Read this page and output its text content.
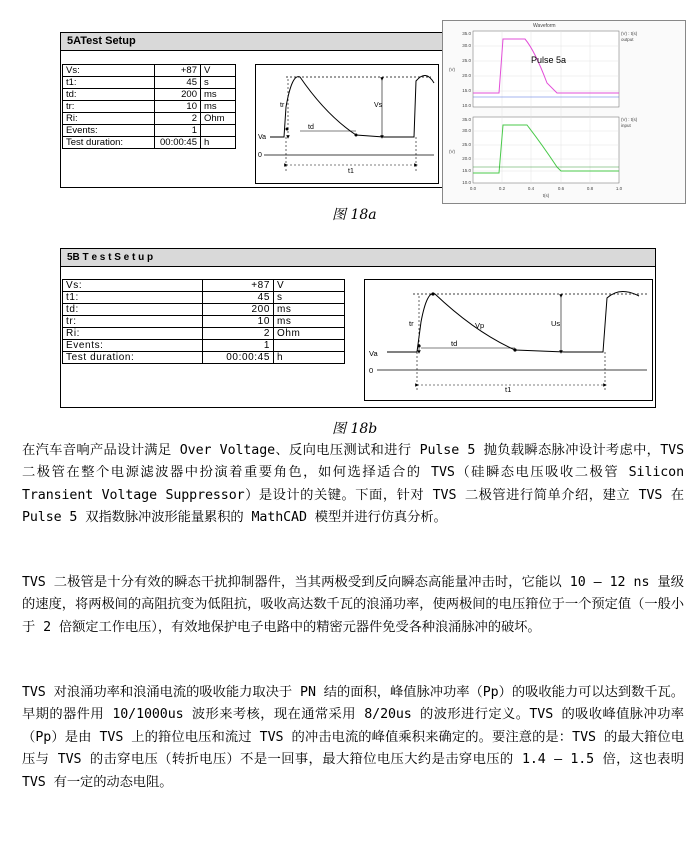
5ATest Setup
Vs:	+87	V
t1:	45	s
td:	200	ms
tr:	10	ms
Ri:	2	Ohm
Events:	1	
Test duration:	00:00:45	h
tr	Vs
td
Va
0
t1
Waveform
Pulse 5a
(V) : t(s)
output
(V) : t(s)
input
35.0
30.0
25.0
20.0
15.0
10.0
35.0
30.0
25.0
20.0
15.0
10.0
0.0	0.2	0.4	0.6	0.8	1.0
t(s)
(V)
(V)
图 18a
5B T e s t S e t u p
Vs:	+87	V
t1:	45	s
td:	200	ms
tr:	10	ms
Ri:	2	Ohm
Events:	1	
Test duration:	00:00:45	h
tr	Vp	Us
td
Va
0
t1
图 18b

在汽车音响产品设计满足 Over Voltage、反向电压测试和进行 Pulse 5 抛负载瞬态脉冲设计考虑中，TVS 二极管在整个电源滤波器中扮演着重要角色，如何选择适合的 TVS（硅瞬态电压吸收二极管 Silicon Transient Voltage Suppressor）是设计的关键。下面，针对 TVS 二极管进行简单介绍，建立 TVS 在 Pulse 5 双指数脉冲波形能量累积的 MathCAD 模型并进行仿真分析。

TVS 二极管是十分有效的瞬态干扰抑制器件，当其两极受到反向瞬态高能量冲击时，它能以 10 – 12 ns 量级的速度，将两极间的高阻抗变为低阻抗，吸收高达数千瓦的浪涌功率，使两极间的电压箝位于一个预定值（一般小于 2 倍额定工作电压），有效地保护电子电路中的精密元器件免受各种浪涌脉冲的破坏。

TVS 对浪涌功率和浪涌电流的吸收能力取决于 PN 结的面积，峰值脉冲功率（Pp）的吸收能力可以达到数千瓦。早期的器件用 10/1000us 波形来考核，现在通常采用 8/20us 的波形进行定义。TVS 的吸收峰值脉冲功率（Pp）是由 TVS 上的箝位电压和流过 TVS 的冲击电流的峰值乘积来确定的。要注意的是：TVS 的最大箝位电压与 TVS 的击穿电压（转折电压）不是一回事，最大箝位电压大约是击穿电压的 1.4 – 1.5 倍，这也表明 TVS 有一定的动态电阻。
